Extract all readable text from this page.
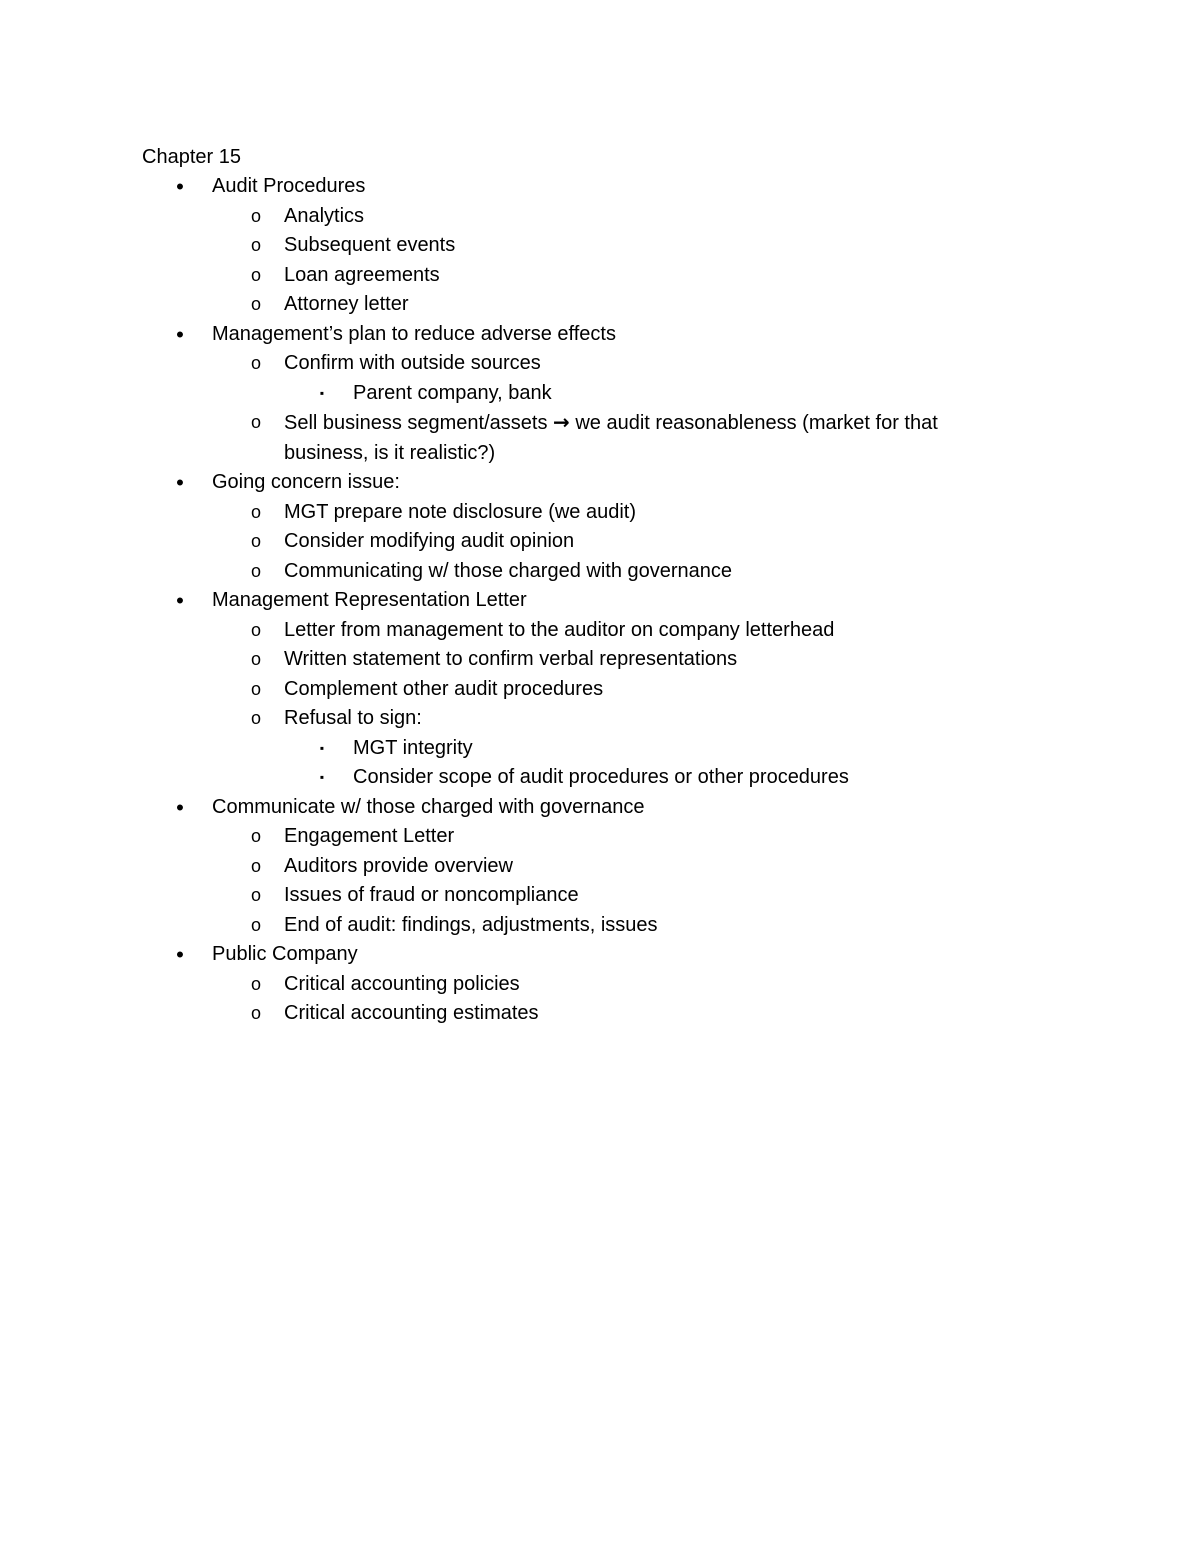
Chapter 15
•	Audit Procedures
o Analytics
o Subsequent events
o Loan agreements
o Attorney letter
•	Management’s plan to reduce adverse effects
o Confirm with outside sources
▪	Parent company, bank
o Sell business segment/assets → we audit reasonableness (market for that business, is it realistic?)
•	Going concern issue:
o MGT prepare note disclosure (we audit)
o Consider modifying audit opinion
o Communicating w/ those charged with governance
•	Management Representation Letter
o Letter from management to the auditor on company letterhead
o Written statement to confirm verbal representations
o Complement other audit procedures
o Refusal to sign:
▪	MGT integrity
▪	Consider scope of audit procedures or other procedures
•	Communicate w/ those charged with governance
o Engagement Letter
o Auditors provide overview
o Issues of fraud or noncompliance
o End of audit: findings, adjustments, issues
•	Public Company
o Critical accounting policies
o Critical accounting estimates
